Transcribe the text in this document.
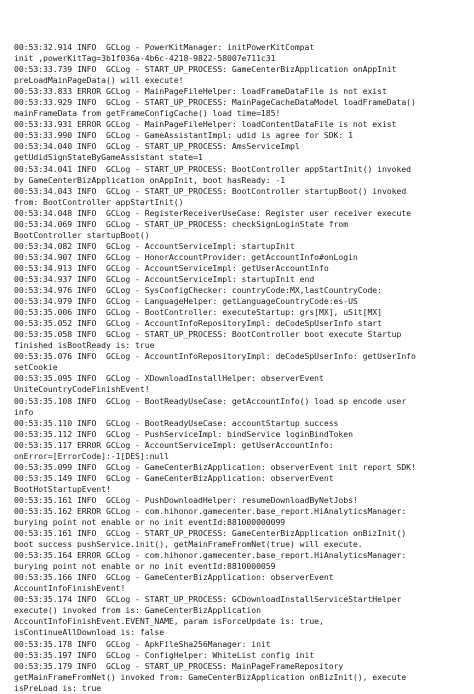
00:53:32.914 INFO  GCLog - PowerKitManager: initPowerKitCompat
init ,powerKitTag=3b1f036a-4b6c-4218-9822-58007e711c31
00:53:33.739 INFO  GCLog - START_UP_PROCESS: GameCenterBizApplication onAppInit
preLoadMainPageData() will execute!
00:53:33.833 ERROR GCLog - MainPageFileHelper: loadFrameDataFile is not exist
00:53:33.929 INFO  GCLog - START_UP_PROCESS: MainPageCacheDataModel loadFrameData()
mainFrameData from getFrameConfigCache() load time=185!
00:53:33.931 ERROR GCLog - MainPageFileHelper: loadContentDataFile is not exist
00:53:33.990 INFO  GCLog - GameAssistantImpl: udid is agree for SDK: 1
00:53:34.040 INFO  GCLog - START_UP_PROCESS: AmsServiceImpl
getUdidSignStateByGameAssistant state=1
00:53:34.041 INFO  GCLog - START_UP_PROCESS: BootController appStartInit() invoked
by GameCenterBizApplication onAppInit, boot hasReady: -1
00:53:34.043 INFO  GCLog - START_UP_PROCESS: BootController startupBoot() invoked
from: BootController appStartInit()
00:53:34.048 INFO  GCLog - RegisterReceiverUseCase: Register user receiver execute
00:53:34.069 INFO  GCLog - START_UP_PROCESS: checkSignLoginState from
BootController startupBoot()
00:53:34.082 INFO  GCLog - AccountServiceImpl: startupInit
00:53:34.907 INFO  GCLog - HonorAccountProvider: getAccountInfo#onLogin
00:53:34.913 INFO  GCLog - AccountServiceImpl: getUserAccountInfo
00:53:34.937 INFO  GCLog - AccountServiceImpl: startupInit end
00:53:34.976 INFO  GCLog - SysConfigChecker: countryCode:MX,lastCountryCode:
00:53:34.979 INFO  GCLog - LanguageHelper: getLanguageCountryCode:es-US
00:53:35.006 INFO  GCLog - BootController: executeStartup: grs[MX], uSit[MX]
00:53:35.052 INFO  GCLog - AccountInfoRepositoryImpl: deCodeSpUserInfo start
00:53:35.058 INFO  GCLog - START_UP_PROCESS: BootController boot execute Startup
finished isBootReady is: true
00:53:35.076 INFO  GCLog - AccountInfoRepositoryImpl: deCodeSpUserInfo: getUserInfo
setCookie
00:53:35.095 INFO  GCLog - XDownloadInstallHelper: observerEvent
UniteCountryCodeFinishEvent!
00:53:35.108 INFO  GCLog - BootReadyUseCase: getAccountInfo() load sp encode user
info
00:53:35.110 INFO  GCLog - BootReadyUseCase: accountStartup success
00:53:35.112 INFO  GCLog - PushServiceImpl: bindService loginBindToken
00:53:35.117 ERROR GCLog - AccountServiceImpl: getUserAccountInfo:
onError=[ErrorCode]:-1[DES]:null
00:53:35.099 INFO  GCLog - GameCenterBizApplication: observerEvent init report SDK!
00:53:35.149 INFO  GCLog - GameCenterBizApplication: observerEvent
BootHotStartupEvent!
00:53:35.161 INFO  GCLog - PushDownloadHelper: resumeDownloadByNetJobs!
00:53:35.162 ERROR GCLog - com.hihonor.gamecenter.base_report.HiAnalyticsManager:
burying point not enable or no init eventId:881000000099
00:53:35.161 INFO  GCLog - START_UP_PROCESS: GameCenterBizApplication onBizInit()
boot success pushService.init(), getMainFrameFromNet(true) will execute.
00:53:35.164 ERROR GCLog - com.hihonor.gamecenter.base_report.HiAnalyticsManager:
burying point not enable or no init eventId:8810000059
00:53:35.166 INFO  GCLog - GameCenterBizApplication: observerEvent
AccountInfoFinishEvent!
00:53:35.174 INFO  GCLog - START_UP_PROCESS: GCDownloadInstallServiceStartHelper
execute() invoked from is: GameCenterBizApplication
AccountInfoFinishEvent.EVENT_NAME, param isForceUpdate is: true,
isContinueAllDownload is: false
00:53:35.178 INFO  GCLog - ApkFileSha256Manager: init
00:53:35.197 INFO  GCLog - ConfigHelper: WhiteList config init
00:53:35.179 INFO  GCLog - START_UP_PROCESS: MainPageFrameRepository
getMainFrameFromNet() invoked from: GameCenterBizApplication onBizInit(), execute
isPreLoad is: true
